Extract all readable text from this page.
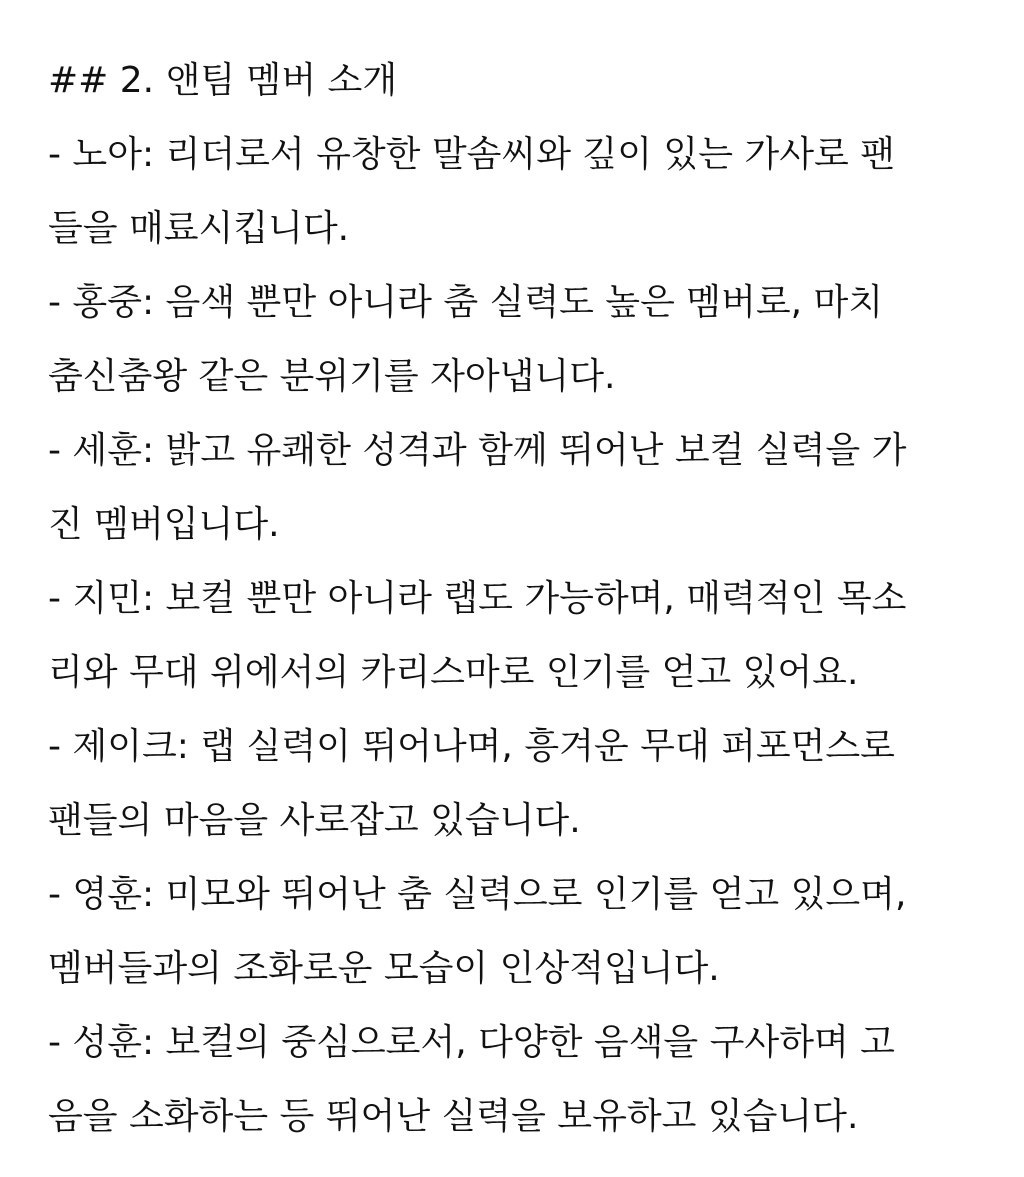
## 2. 앤팀 멤버 소개
- 노아: 리더로서 유창한 말솜씨와 깊이 있는 가사로 팬
들을 매료시킵니다.
- 홍중: 음색 뿐만 아니라 춤 실력도 높은 멤버로, 마치
춤신춤왕 같은 분위기를 자아냅니다.
- 세훈: 밝고 유쾌한 성격과 함께 뛰어난 보컬 실력을 가
진 멤버입니다.
- 지민: 보컬 뿐만 아니라 랩도 가능하며, 매력적인 목소
리와 무대 위에서의 카리스마로 인기를 얻고 있어요.
- 제이크: 랩 실력이 뛰어나며, 흥겨운 무대 퍼포먼스로
팬들의 마음을 사로잡고 있습니다.
- 영훈: 미모와 뛰어난 춤 실력으로 인기를 얻고 있으며,
멤버들과의 조화로운 모습이 인상적입니다.
- 성훈: 보컬의 중심으로서, 다양한 음색을 구사하며 고
음을 소화하는 등 뛰어난 실력을 보유하고 있습니다.
